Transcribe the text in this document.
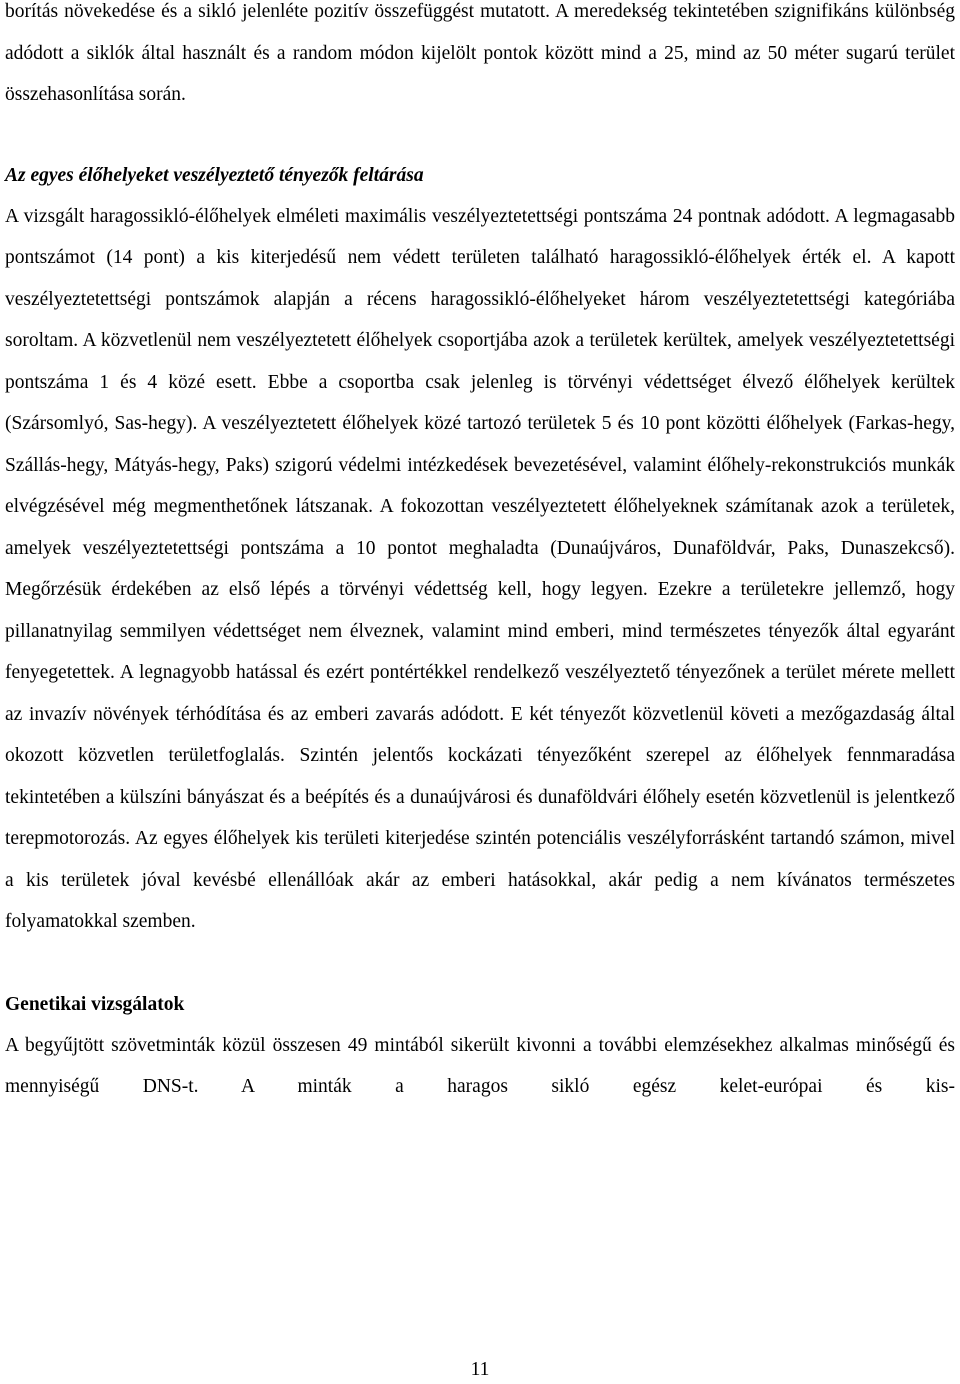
borítás növekedése és a sikló jelenléte pozitív összefüggést mutatott. A meredekség tekintetében szignifikáns különbség adódott a siklók által használt és a random módon kijelölt pontok között mind a 25, mind az 50 méter sugarú terület összehasonlítása során.

Az egyes élőhelyeket veszélyeztető tényezők feltárása

A vizsgált haragossikló-élőhelyek elméleti maximális veszélyeztetettségi pontszáma 24 pontnak adódott. A legmagasabb pontszámot (14 pont) a kis kiterjedésű nem védett területen található haragossikló-élőhelyek érték el. A kapott veszélyeztetettségi pontszámok alapján a récens haragossikló-élőhelyeket három veszélyeztetettségi kategóriába soroltam. A közvetlenül nem veszélyeztetett élőhelyek csoportjába azok a területek kerültek, amelyek veszélyeztetettségi pontszáma 1 és 4 közé esett. Ebbe a csoportba csak jelenleg is törvényi védettséget élvező élőhelyek kerültek (Szársomlyó, Sas-hegy). A veszélyeztetett élőhelyek közé tartozó területek 5 és 10 pont közötti élőhelyek (Farkas-hegy, Szállás-hegy, Mátyás-hegy, Paks) szigorú védelmi intézkedések bevezetésével, valamint élőhely-rekonstrukciós munkák elvégzésével még megmenthetőnek látszanak. A fokozottan veszélyeztetett élőhelyeknek számítanak azok a területek, amelyek veszélyeztetettségi pontszáma a 10 pontot meghaladta (Dunaújváros, Dunaföldvár, Paks, Dunaszekcső). Megőrzésük érdekében az első lépés a törvényi védettség kell, hogy legyen. Ezekre a területekre jellemző, hogy pillanatnyilag semmilyen védettséget nem élveznek, valamint mind emberi, mind természetes tényezők által egyaránt fenyegetettek. A legnagyobb hatással és ezért pontértékkel rendelkező veszélyeztető tényezőnek a terület mérete mellett az invazív növények térhódítása és az emberi zavarás adódott. E két tényezőt közvetlenül követi a mezőgazdaság által okozott közvetlen területfoglalás. Szintén jelentős kockázati tényezőként szerepel az élőhelyek fennmaradása tekintetében a külszíni bányászat és a beépítés és a dunaújvárosi és dunaföldvári élőhely esetén közvetlenül is jelentkező terepmotorozás. Az egyes élőhelyek kis területi kiterjedése szintén potenciális veszélyforrásként tartandó számon, mivel a kis területek jóval kevésbé ellenállóak akár az emberi hatásokkal, akár pedig a nem kívánatos természetes folyamatokkal szemben.

Genetikai vizsgálatok

A begyűjtött szövetminták közül összesen 49 mintából sikerült kivonni a további elemzésekhez alkalmas minőségű és mennyiségű DNS-t. A minták a haragos sikló egész kelet-európai és kis-

11
